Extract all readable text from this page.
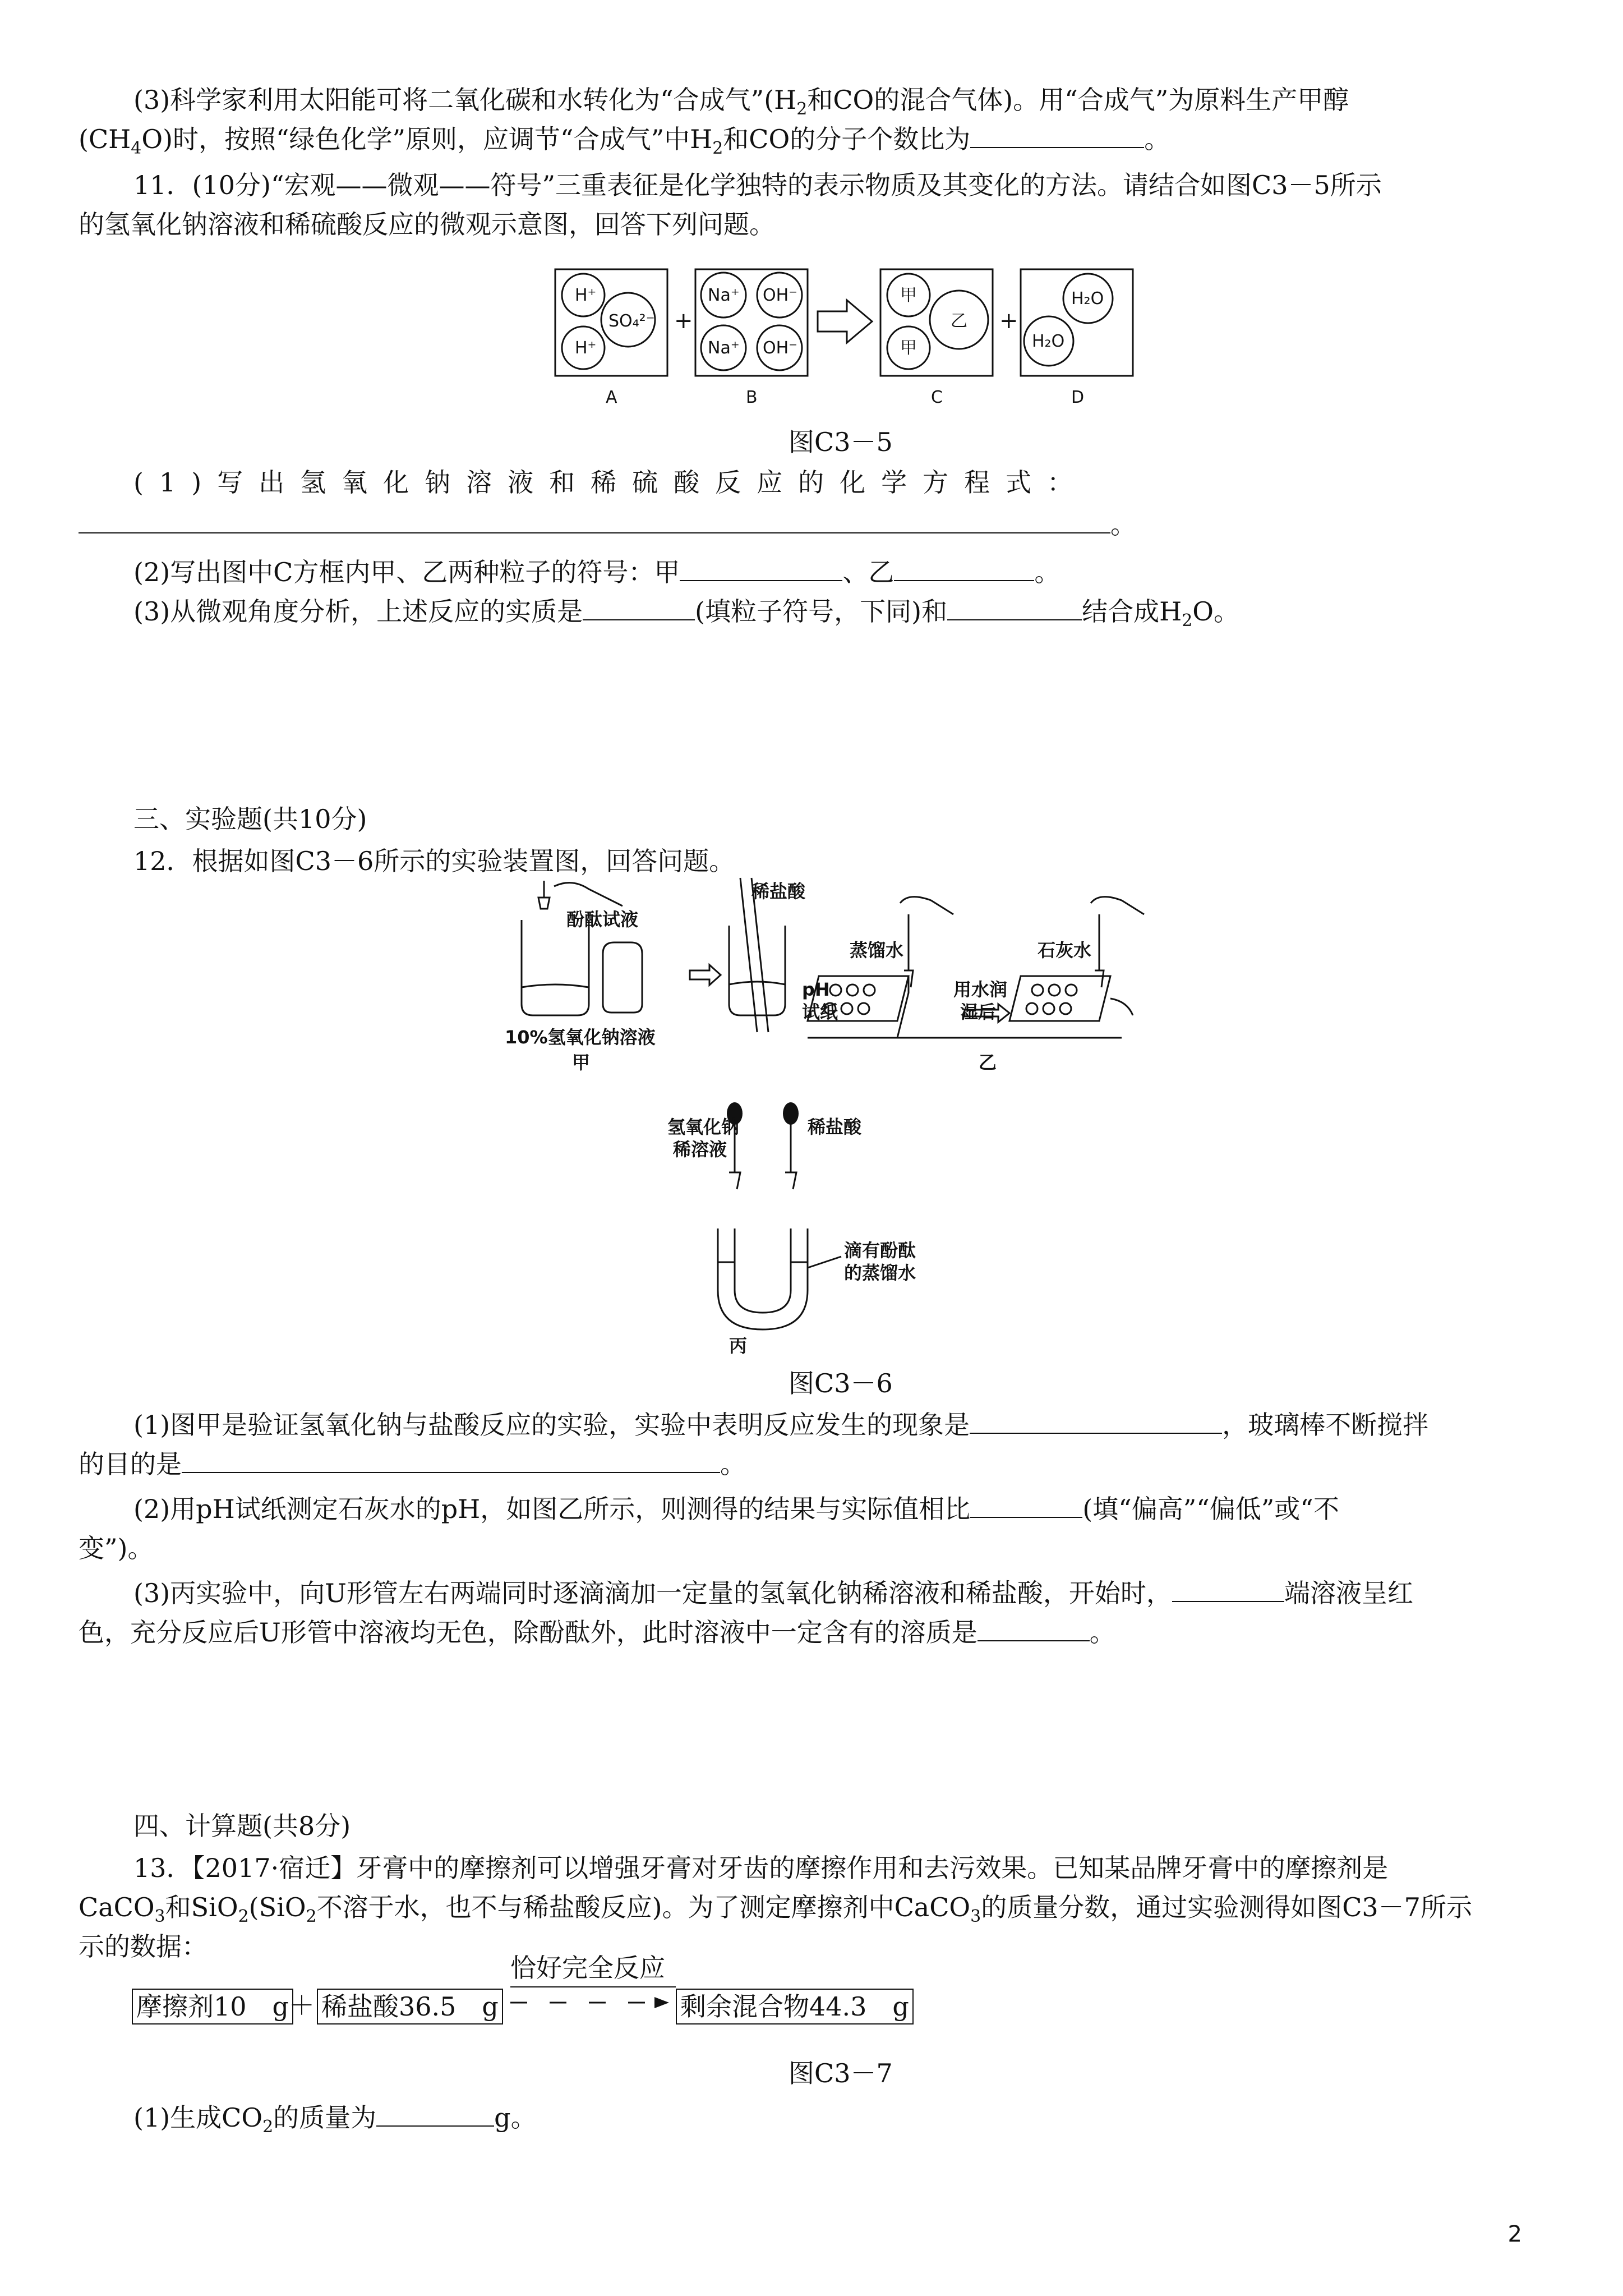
(3)科学家利用太阳能可将二氧化碳和水转化为“合成气$”(H_2$和CO的混合气体)。用“合成气”为原料生产甲醇
$(CH_4O)$时，按照“绿色化学”原则，应调节“合成气”中$H_2$和CO的分子个数比为	。
11．(10分)“宏观——微观——符号”三重表征是化学独特的表示物质及其变化的方法。请结合如图C3－5所示
的氢氧化钠溶液和稀硫酸反应的微观示意图，回答下列问题。
H⁺
SO₄²⁻
H⁺
Na⁺ OH⁻
Na⁺ OH⁻
甲
乙
甲
H₂O
H₂O
+	+
A	B	C	D
图C3－5
(1)写出氢氧化钠溶液和稀硫酸反应的化学方程式：
。
(2)写出图中C方框内甲、乙两种粒子的符号：甲	、乙	。
(3)从微观角度分析，上述反应的实质是	(填粒子符号，下同)和	结合成$H_2O$。
三、实验题(共10分)
12．根据如图C3－6所示的实验装置图，回答问题。
酚酞试液
稀盐酸
10%氢氧化钠溶液
甲
蒸馏水	石灰水
pH
试纸
用水润
湿后
乙
氢氧化钠
稀溶液
稀盐酸
滴有酚酞
的蒸馏水
丙
图C3－6
(1)图甲是验证氢氧化钠与盐酸反应的实验，实验中表明反应发生的现象是	，玻璃棒不断搅拌
的目的是	。
(2)用pH试纸测定石灰水的pH，如图乙所示，则测得的结果与实际值相比	(填“偏高”“偏低”或“不
变”)。
(3)丙实验中，向U形管左右两端同时逐滴滴加一定量的氢氧化钠稀溶液和稀盐酸，开始时，	端溶液呈红
色，充分反应后U形管中溶液均无色，除酚酞外，此时溶液中一定含有的溶质是	。
四、计算题(共8分)
13．【2017·宿迁】牙膏中的摩擦剂可以增强牙膏对牙齿的摩擦作用和去污效果。已知某品牌牙膏中的摩擦剂是
CaCO$_3$和SiO$_2$(SiO$_2$不溶于水，也不与稀盐酸反应)。为了测定摩擦剂中CaCO$_3$的质量分数，通过实验测得如图C3－7所示
示的数据：
摩擦剂10　g ＋ 稀盐酸36.5　g
恰好完全反应
剩余混合物44.3　g
图C3－7
(1)生成$CO_2$的质量为	g。
2
